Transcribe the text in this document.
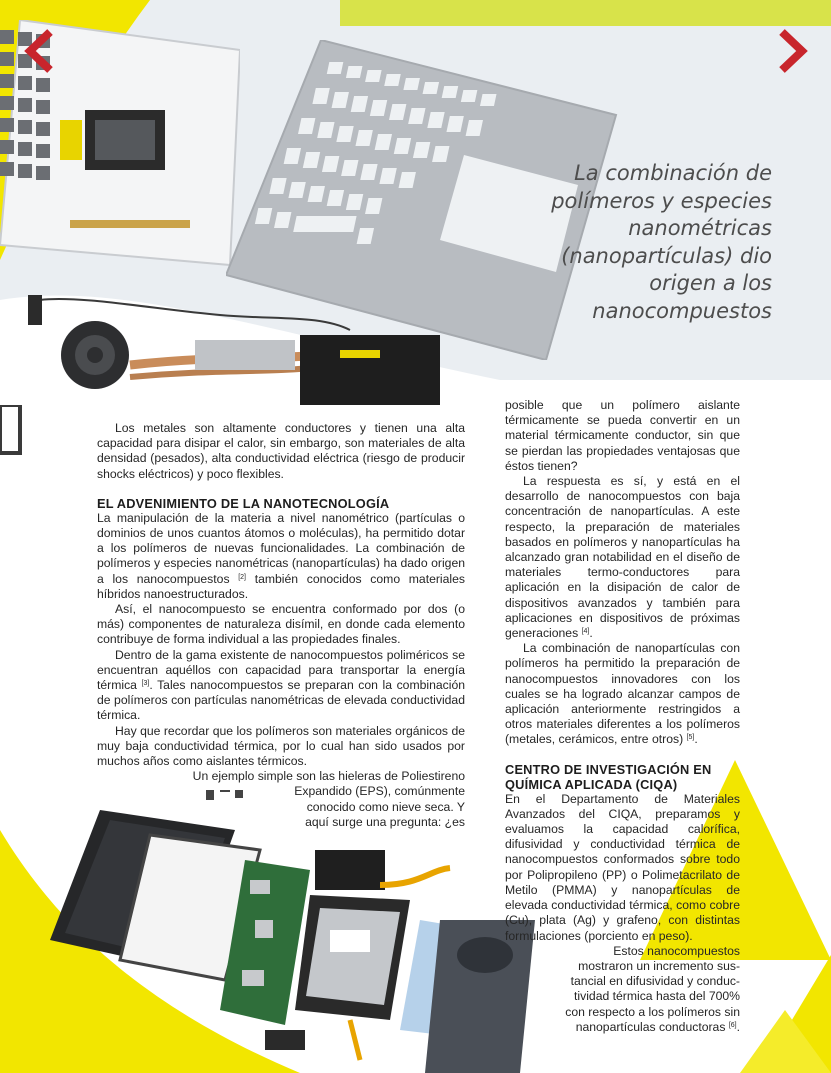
La combinación de polímeros y especies nanométricas (nanopartículas) dio origen a los nanocompuestos

Los metales son altamente conductores y tienen una alta capacidad para disipar el calor, sin embargo, son materiales de alta densidad (pesados), alta conductividad eléctrica (riesgo de producir shocks eléctricos) y poco flexibles.

EL ADVENIMIENTO DE LA NANOTECNOLOGÍA

La manipulación de la materia a nivel nanométrico (partículas o dominios de unos cuantos átomos o moléculas), ha permitido dotar a los polímeros de nuevas funcionalidades. La combinación de polímeros y especies nanométricas (nanopartículas) ha dado origen a los nanocompuestos [2] también conocidos como materiales híbridos nanoestructurados.

Así, el nanocompuesto se encuentra conformado por dos (o más) componentes de naturaleza disímil, en donde cada elemento contribuye de forma individual a las propiedades finales.

Dentro de la gama existente de nanocompuestos poliméricos se encuentran aquéllos con capacidad para transportar la energía térmica [3]. Tales nanocompuestos se preparan con la combinación de polímeros con partículas nanométricas de elevada conductividad térmica.

Hay que recordar que los polímeros son materiales orgánicos de muy baja conductividad térmica, por lo cual han sido usados por muchos años como aislantes térmicos.

Un ejemplo simple son las hieleras de Poliestireno

Expandido (EPS), comúnmente

conocido como nieve seca. Y

aquí surge una pregunta: ¿es

posible que un polímero aislante térmicamente se pueda convertir en un material térmicamente conductor, sin que se pierdan las propiedades ventajosas que éstos tienen?

La respuesta es sí, y está en el desarrollo de nanocompuestos con baja concentración de nanopartículas. A este respecto, la preparación de materiales basados en polímeros y nanopartículas ha alcanzado gran notabilidad en el diseño de materiales termo-conductores para aplicación en la disipación de calor de dispositivos avanzados y también para aplicaciones en dispositivos de próximas generaciones [4].

La combinación de nanopartículas con polímeros ha permitido la preparación de nanocompuestos innovadores con los cuales se ha logrado alcanzar campos de aplicación anteriormente restringidos a otros materiales diferentes a los polímeros (metales, cerámicos, entre otros) [5].

CENTRO DE INVESTIGACIÓN EN QUÍMICA APLICADA (CIQA)

En el Departamento de Materiales Avanzados del CIQA, preparamos y evaluamos la capacidad calorífica, difusividad y conductividad térmica de nanocompuestos conformados sobre todo por Polipropileno (PP) o Polimetacrilato de Metilo (PMMA) y nanopartículas de elevada conductividad térmica, como cobre (Cu), plata (Ag) y grafeno, con distintas formulaciones (porciento en peso).

Estos nanocompuestos

mostraron un incremento sus-

tancial en difusividad y conduc-

tividad térmica hasta del 700%

con respecto a los polímeros sin

nanopartículas conductoras [6].
